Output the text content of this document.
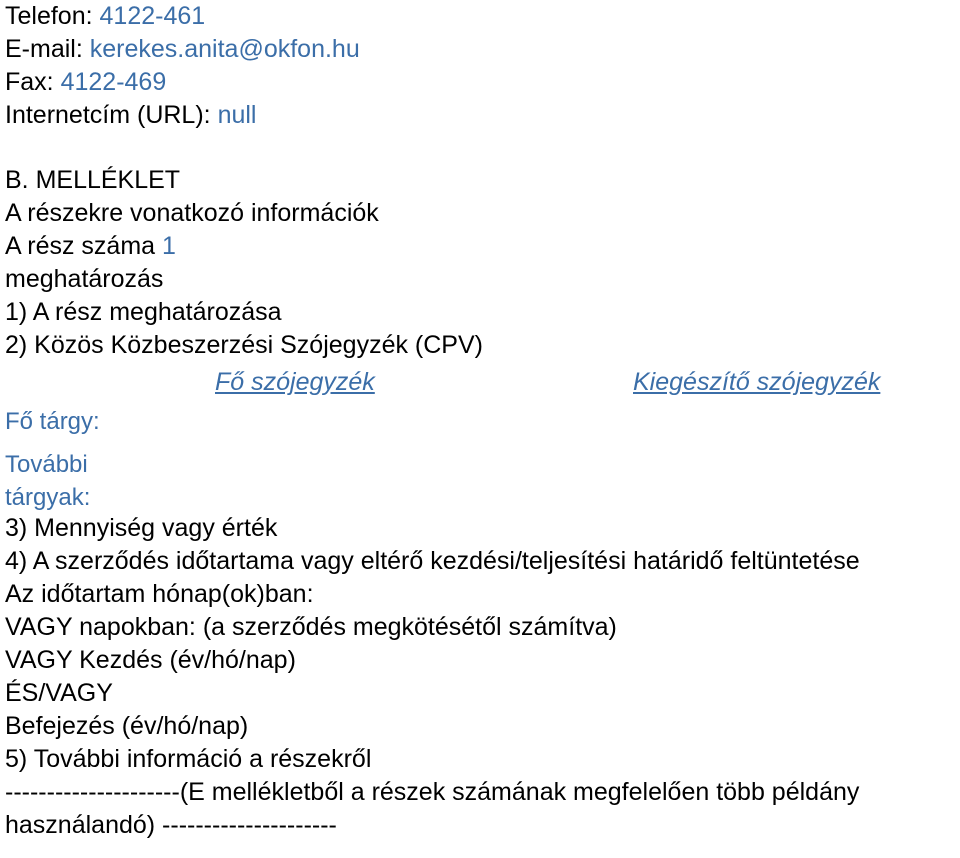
Telefon: 4122-461
E-mail: kerekes.anita@okfon.hu
Fax: 4122-469
Internetcím (URL): null
B. MELLÉKLET
A részekre vonatkozó információk
A rész száma 1
meghatározás
1) A rész meghatározása
2) Közös Közbeszerzési Szójegyzék (CPV)
Fő szójegyzék	Kiegészítő szójegyzék
Fő tárgy:
További
tárgyak:
3) Mennyiség vagy érték
4) A szerződés időtartama vagy eltérő kezdési/teljesítési határidő feltüntetése
Az időtartam hónap(ok)ban:
VAGY napokban: (a szerződés megkötésétől számítva)
VAGY Kezdés (év/hó/nap)
ÉS/VAGY
Befejezés (év/hó/nap)
5) További információ a részekről
---------------------(E mellékletből a részek számának megfelelően több példány
használandó) ---------------------
